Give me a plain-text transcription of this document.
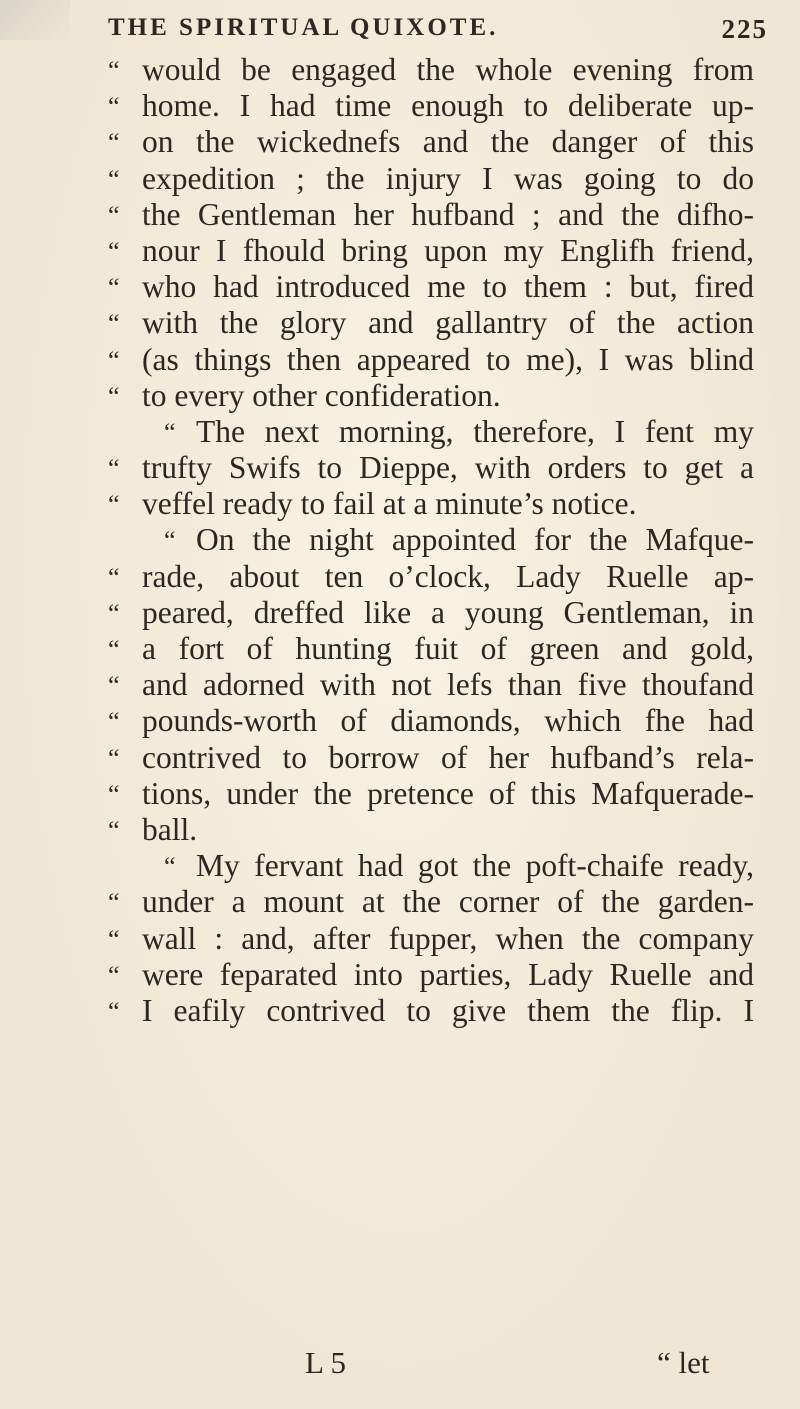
THE SPIRITUAL QUIXOTE.	225
“ would be engaged the whole evening from
“ home. I had time enough to deliberate up-
“ on the wickednefs and the danger of this
“ expedition ; the injury I was going to do
“ the Gentleman her hufband ; and the difho-
“ nour I fhould bring upon my Englifh friend,
“ who had introduced me to them : but, fired
“ with the glory and gallantry of the action
“ (as things then appeared to me), I was blind
“ to every other confideration.
“ The next morning, therefore, I fent my
“ trufty Swifs to Dieppe, with orders to get a
“ veffel ready to fail at a minute’s notice.
“ On the night appointed for the Mafque-
“ rade, about ten o’clock, Lady Ruelle ap-
“ peared, dreffed like a young Gentleman, in
“ a fort of hunting fuit of green and gold,
“ and adorned with not lefs than five thoufand
“ pounds-worth of diamonds, which fhe had
“ contrived to borrow of her hufband’s rela-
“ tions, under the pretence of this Mafquerade-
“ ball.
“ My fervant had got the poft-chaife ready,
“ under a mount at the corner of the garden-
“ wall : and, after fupper, when the company
“ were feparated into parties, Lady Ruelle and
“ I eafily contrived to give them the flip. I
L 5	“ let
